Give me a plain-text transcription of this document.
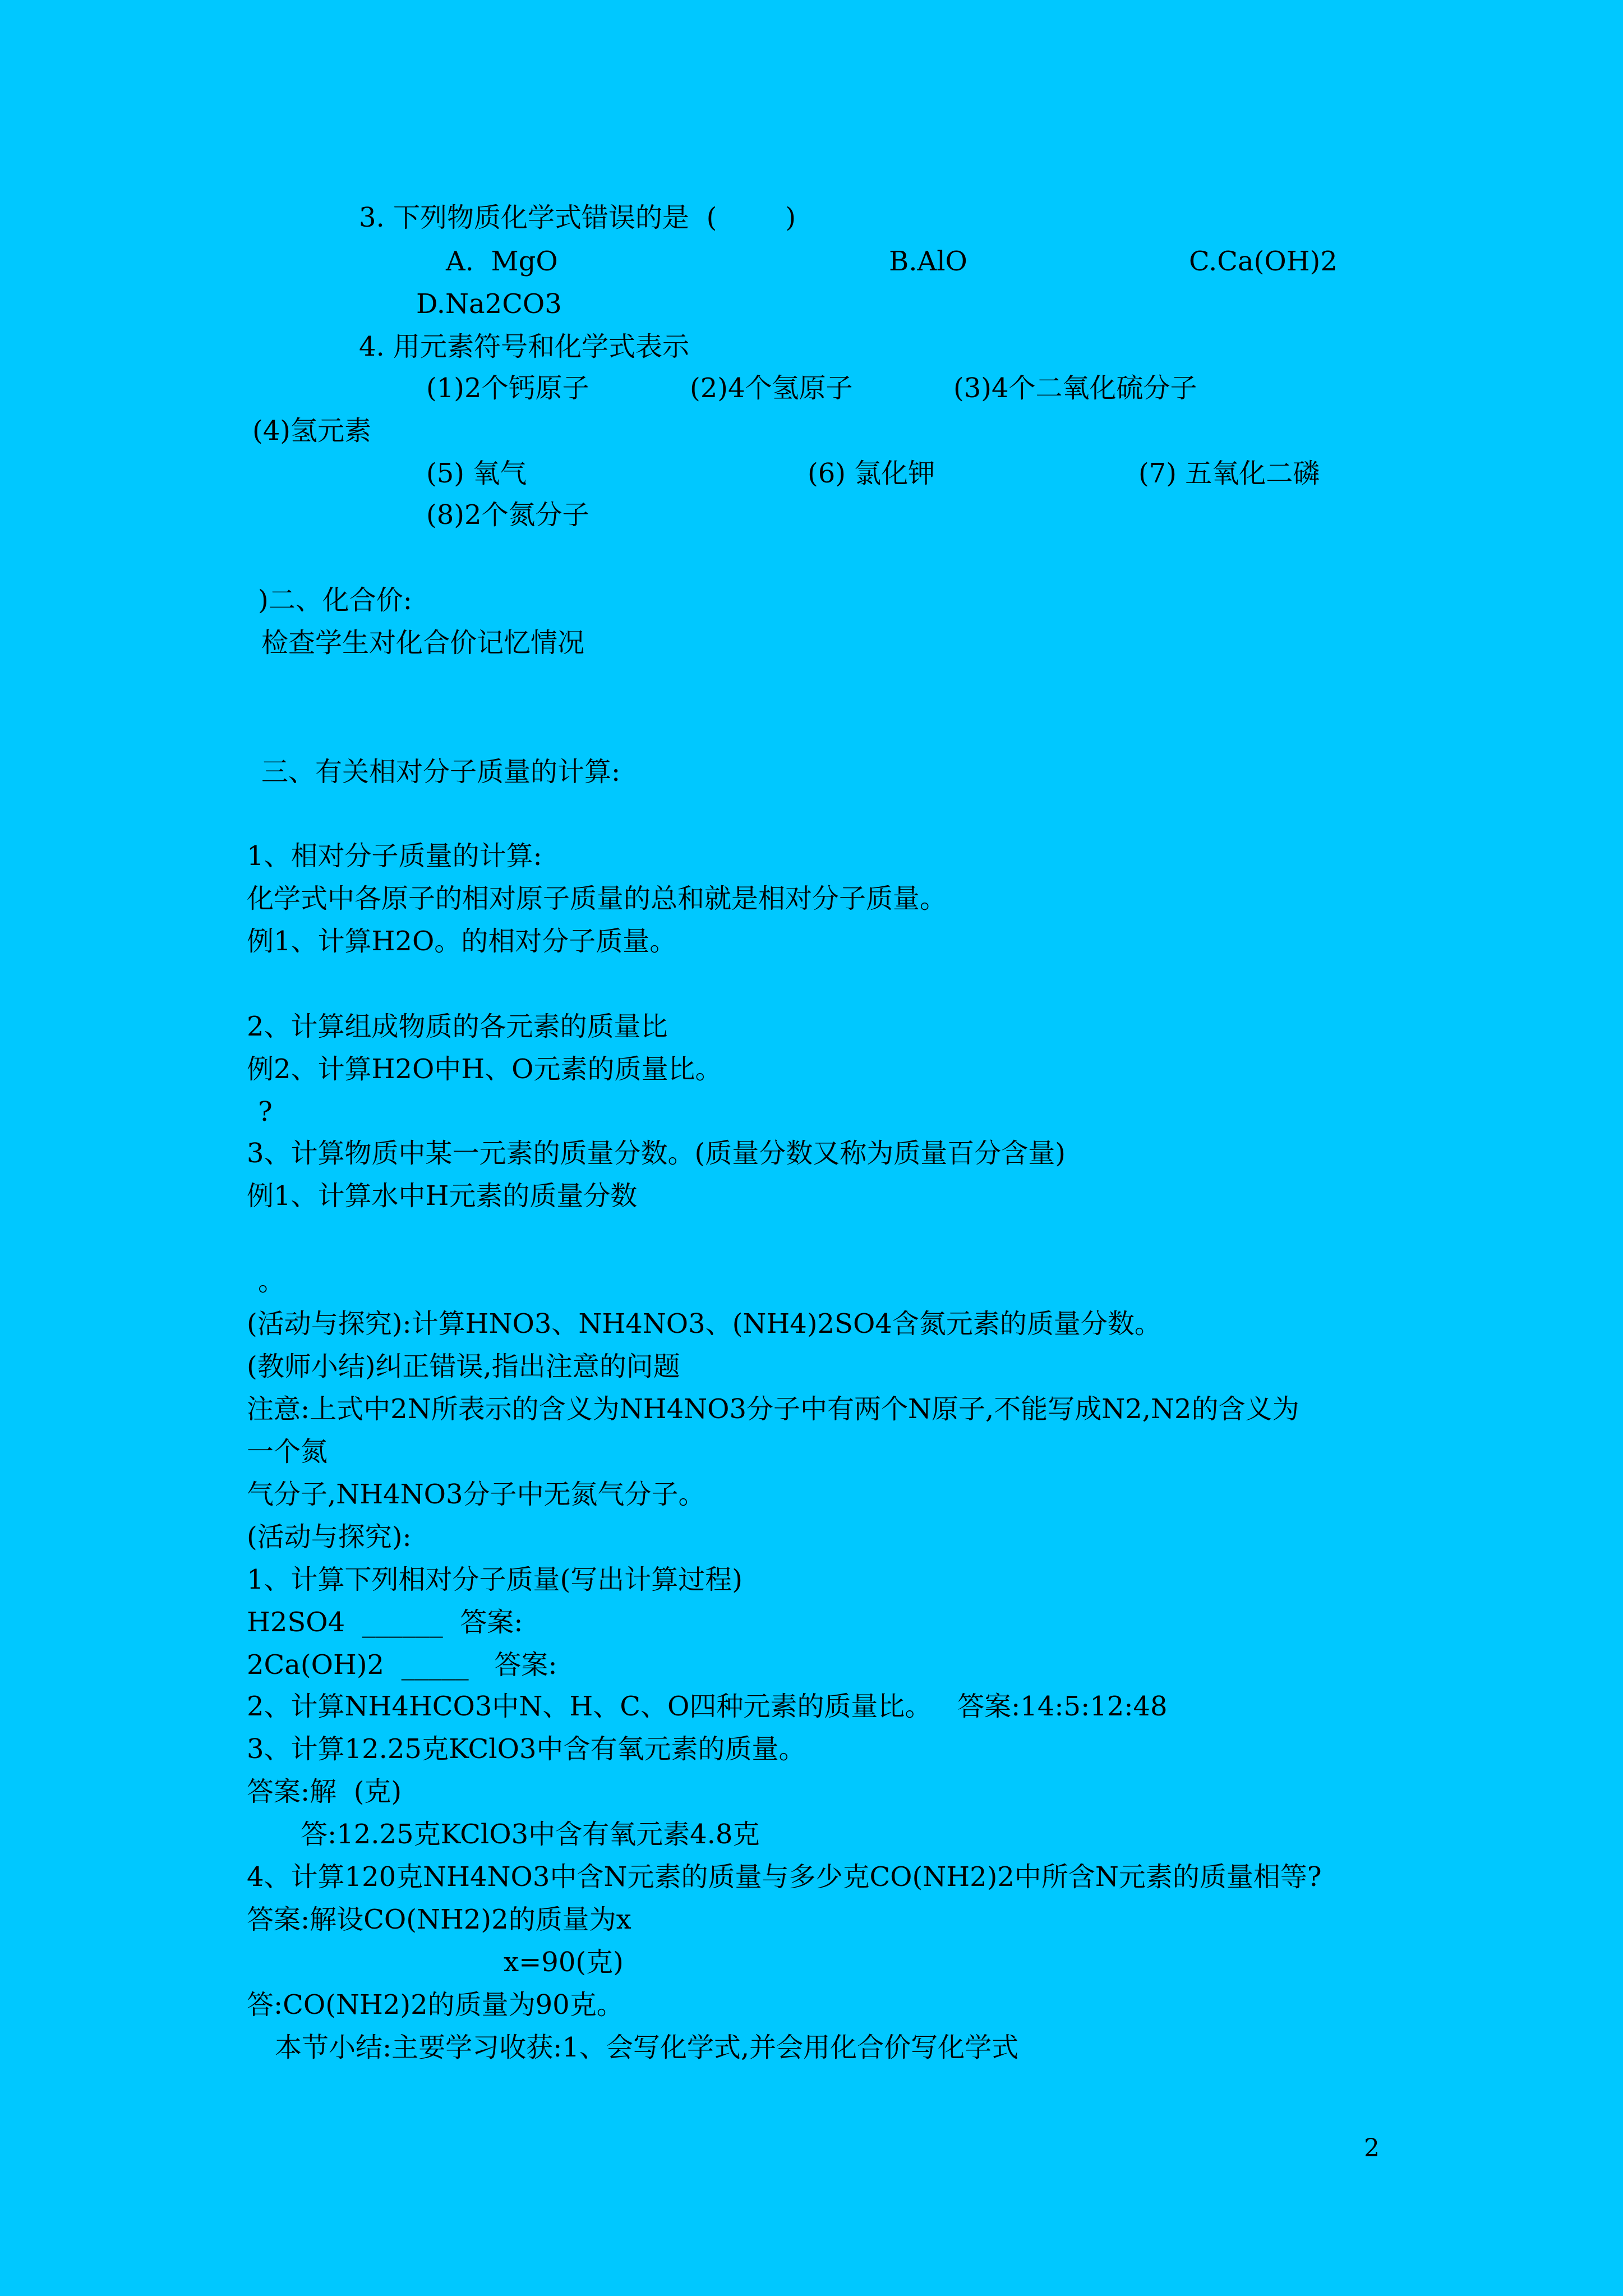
3. 下列物质化学式错误的是  (        )

A.  MgO	B.AlO	C.Ca(OH)2

D.Na2CO3

4. 用元素符号和化学式表示

(1)2个钙原子	(2)4个氢原子	(3)4个二氧化硫分子

(4)氢元素

(5) 氧气	(6) 氯化钾	(7) 五氧化二磷

(8)2个氮分子

)二、化合价:

检查学生对化合价记忆情况

三、有关相对分子质量的计算:

1、相对分子质量的计算:

化学式中各原子的相对原子质量的总和就是相对分子质量。

例1、计算H2O。的相对分子质量。

2、计算组成物质的各元素的质量比

例2、计算H2O中H、O元素的质量比。

?

3、计算物质中某一元素的质量分数。(质量分数又称为质量百分含量)

例1、计算水中H元素的质量分数

。

(活动与探究):计算HNO3、NH4NO3、(NH4)2SO4含氮元素的质量分数。

(教师小结)纠正错误,指出注意的问题

注意:上式中2N所表示的含义为NH4NO3分子中有两个N原子,不能写成N2,N2的含义为

一个氮

气分子,NH4NO3分子中无氮气分子。

(活动与探究):

1、计算下列相对分子质量(写出计算过程)

H2SO4  ______  答案:

2Ca(OH)2  _____   答案:

2、计算NH4HCO3中N、H、C、O四种元素的质量比。   答案:14:5:12:48

3、计算12.25克KClO3中含有氧元素的质量。

答案:解  (克)

答:12.25克KClO3中含有氧元素4.8克

4、计算120克NH4NO3中含N元素的质量与多少克CO(NH2)2中所含N元素的质量相等?

答案:解设CO(NH2)2的质量为x

x=90(克)

答:CO(NH2)2的质量为90克。

本节小结:主要学习收获:1、会写化学式,并会用化合价写化学式

2
